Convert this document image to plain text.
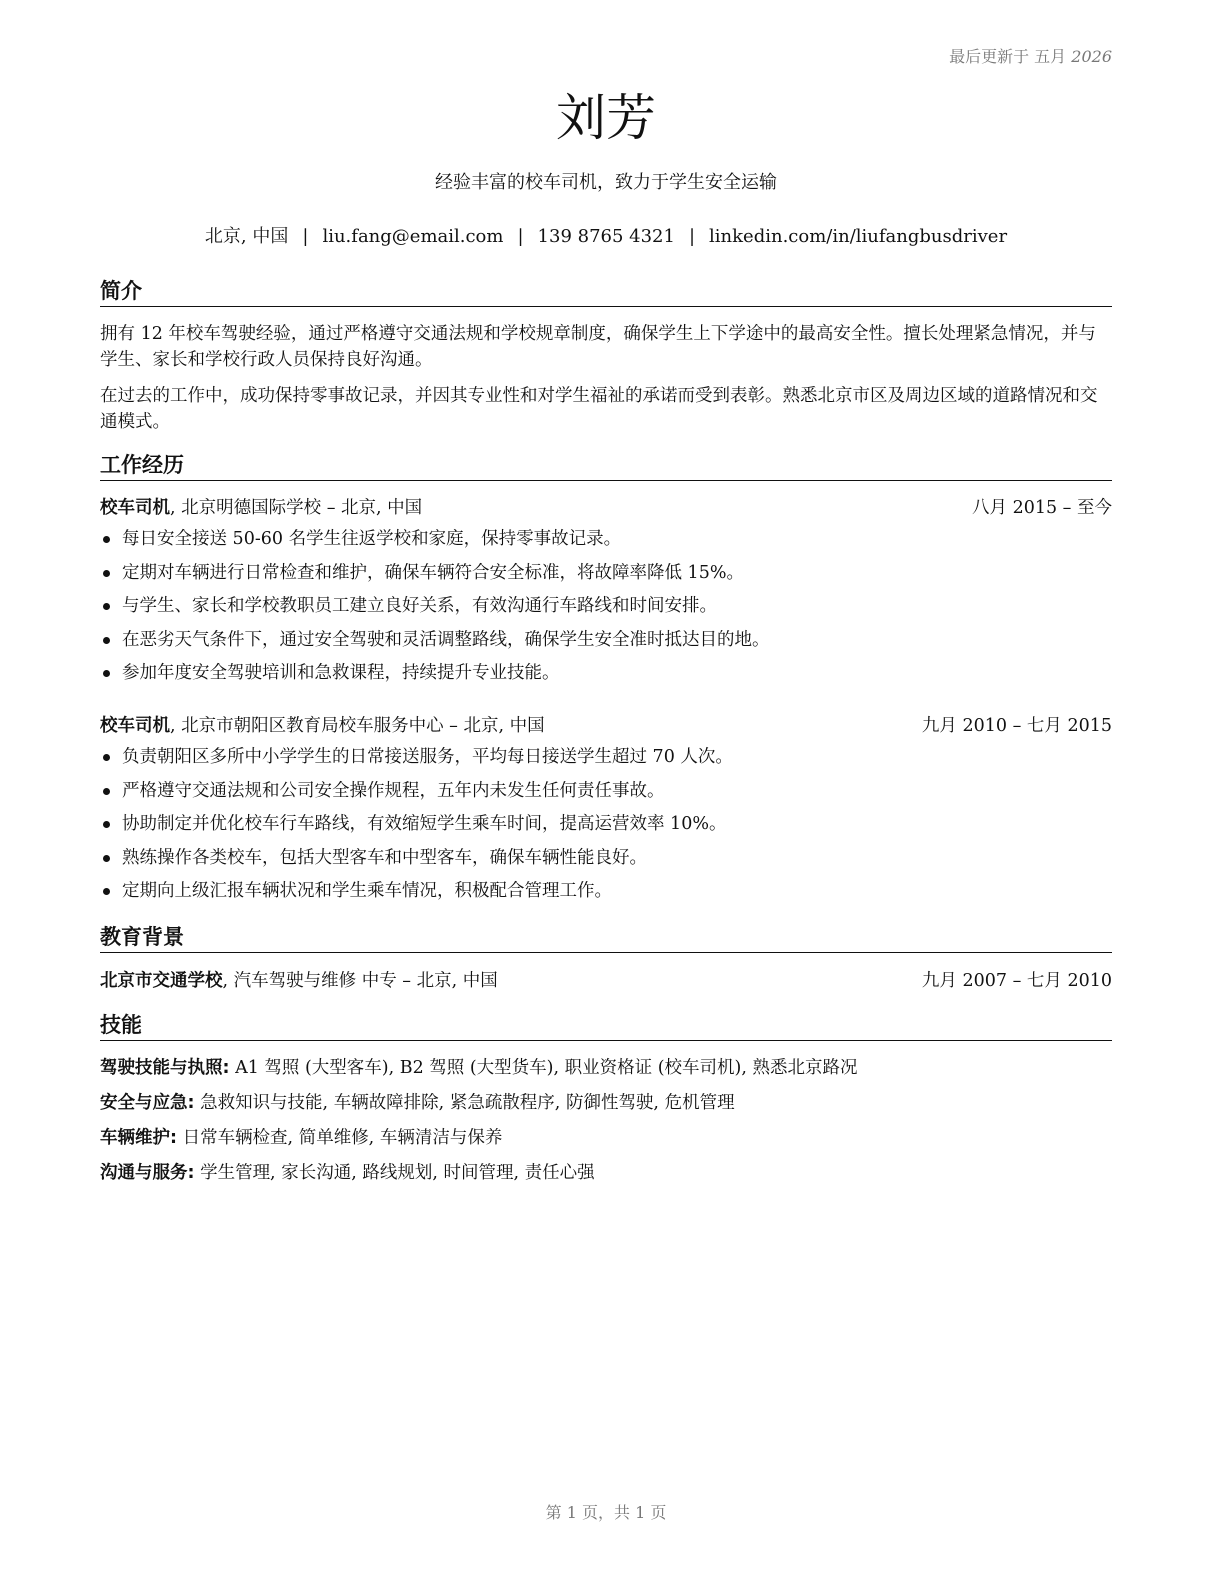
最后更新于 五月 2026
刘芳
经验丰富的校车司机，致力于学生安全运输
北京, 中国 | liu.fang@email.com | 139 8765 4321 | linkedin.com/in/liufangbusdriver
简介
拥有 12 年校车驾驶经验，通过严格遵守交通法规和学校规章制度，确保学生上下学途中的最高安全性。擅长处理紧急情况，并与学生、家长和学校行政人员保持良好沟通。
在过去的工作中，成功保持零事故记录，并因其专业性和对学生福祉的承诺而受到表彰。熟悉北京市区及周边区域的道路情况和交通模式。
工作经历
校车司机, 北京明德国际学校 – 北京, 中国	八月 2015 – 至今
每日安全接送 50-60 名学生往返学校和家庭，保持零事故记录。
定期对车辆进行日常检查和维护，确保车辆符合安全标准，将故障率降低 15%。
与学生、家长和学校教职员工建立良好关系，有效沟通行车路线和时间安排。
在恶劣天气条件下，通过安全驾驶和灵活调整路线，确保学生安全准时抵达目的地。
参加年度安全驾驶培训和急救课程，持续提升专业技能。
校车司机, 北京市朝阳区教育局校车服务中心 – 北京, 中国	九月 2010 – 七月 2015
负责朝阳区多所中小学学生的日常接送服务，平均每日接送学生超过 70 人次。
严格遵守交通法规和公司安全操作规程，五年内未发生任何责任事故。
协助制定并优化校车行车路线，有效缩短学生乘车时间，提高运营效率 10%。
熟练操作各类校车，包括大型客车和中型客车，确保车辆性能良好。
定期向上级汇报车辆状况和学生乘车情况，积极配合管理工作。
教育背景
北京市交通学校, 汽车驾驶与维修 中专 – 北京, 中国	九月 2007 – 七月 2010
技能
驾驶技能与执照: A1 驾照 (大型客车), B2 驾照 (大型货车), 职业资格证 (校车司机), 熟悉北京路况
安全与应急: 急救知识与技能, 车辆故障排除, 紧急疏散程序, 防御性驾驶, 危机管理
车辆维护: 日常车辆检查, 简单维修, 车辆清洁与保养
沟通与服务: 学生管理, 家长沟通, 路线规划, 时间管理, 责任心强
第 1 页，共 1 页
